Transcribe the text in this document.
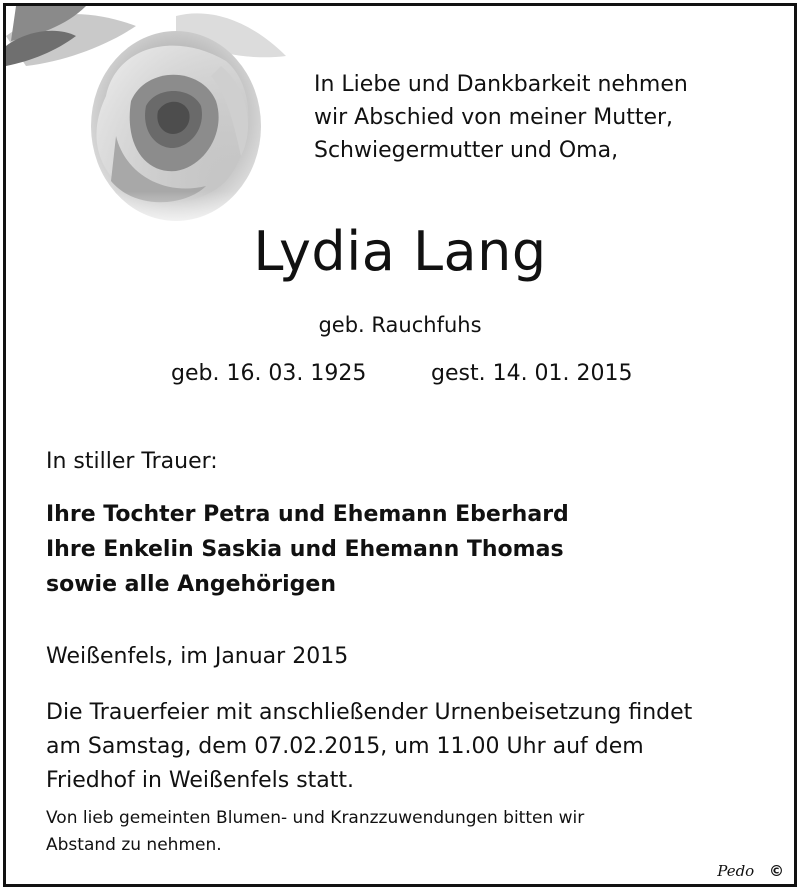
In Liebe und Dankbarkeit nehmen
wir Abschied von meiner Mutter,
Schwiegermutter und Oma,
Lydia Lang
geb. Rauchfuhs
geb. 16. 03. 1925	gest. 14. 01. 2015
In stiller Trauer:
Ihre Tochter Petra und Ehemann Eberhard
Ihre Enkelin Saskia und Ehemann Thomas
sowie alle Angehörigen
Weißenfels, im Januar 2015
Die Trauerfeier mit anschließender Urnenbeisetzung findet
am Samstag, dem 07.02.2015, um 11.00 Uhr auf dem
Friedhof in Weißenfels statt.
Von lieb gemeinten Blumen- und Kranzzuwendungen bitten wir
Abstand zu nehmen.
Pedo ©
